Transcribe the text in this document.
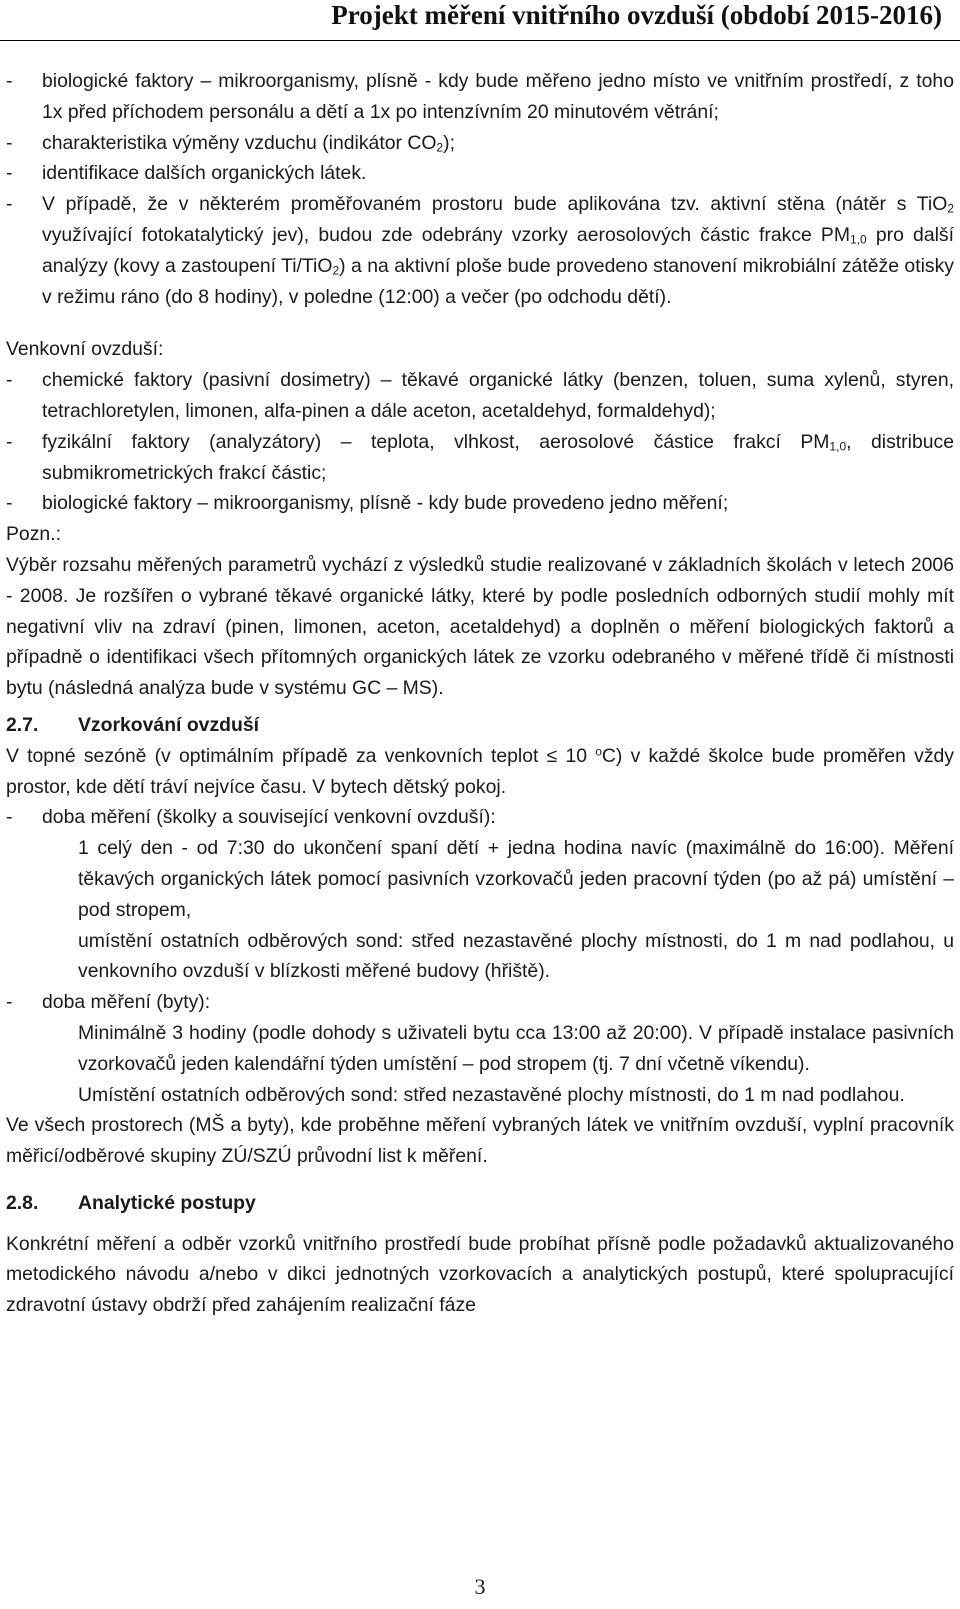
Projekt měření vnitřního ovzduší (období 2015-2016)

- biologické faktory – mikroorganismy, plísně - kdy bude měřeno jedno místo ve vnitřním prostředí, z toho 1x před příchodem personálu a dětí a 1x po intenzívním 20 minutovém větrání;

- charakteristika výměny vzduchu (indikátor $CO_2$);

- identifikace dalších organických látek.

- V případě, že v některém proměřovaném prostoru bude aplikována tzv. aktivní stěna (nátěr s TiO$_2$ využívající fotokatalytický jev), budou zde odebrány vzorky aerosolových částic frakce $PM_{1,0}$ pro další analýzy (kovy a zastoupení Ti/TiO$_2$) a na aktivní ploše bude provedeno stanovení mikrobiální zátěže otisky v režimu ráno (do 8 hodiny), v poledne (12:00) a večer (po odchodu dětí).

Venkovní ovzduší:

- chemické faktory (pasivní dosimetry) – těkavé organické látky (benzen, toluen, suma xylenů, styren, tetrachloretylen, limonen, alfa-pinen a dále aceton, acetaldehyd, formaldehyd);

- fyzikální faktory (analyzátory) – teplota, vlhkost, aerosolové částice frakcí $PM_{1,0}$, distribuce submikrometrických frakcí částic;

- biologické faktory – mikroorganismy, plísně - kdy bude provedeno jedno měření;

Pozn.:

Výběr rozsahu měřených parametrů vychází z výsledků studie realizované v základních školách v letech 2006 - 2008. Je rozšířen o vybrané těkavé organické látky, které by podle posledních odborných studií mohly mít negativní vliv na zdraví (pinen, limonen, aceton, acetaldehyd) a doplněn o měření biologických faktorů a případně o identifikaci všech přítomných organických látek ze vzorku odebraného v měřené třídě či místnosti bytu (následná analýza bude v systému GC – MS).

2.7. Vzorkování ovzduší

V topné sezóně (v optimálním případě za venkovních teplot ≤ 10 $^o$C) v každé školce bude proměřen vždy prostor, kde dětí tráví nejvíce času. V bytech dětský pokoj.

- doba měření (školky a související venkovní ovzduší):

1 celý den - od 7:30 do ukončení spaní dětí + jedna hodina navíc (maximálně do 16:00). Měření těkavých organických látek pomocí pasivních vzorkovačů jeden pracovní týden (po až pá) umístění – pod stropem,

umístění ostatních odběrových sond: střed nezastavěné plochy místnosti, do 1 m nad podlahou, u venkovního ovzduší v blízkosti měřené budovy (hřiště).

- doba měření (byty):

Minimálně 3 hodiny (podle dohody s uživateli bytu cca 13:00 až 20:00). V případě instalace pasivních vzorkovačů jeden kalendářní týden umístění – pod stropem (tj. 7 dní včetně víkendu).

Umístění ostatních odběrových sond: střed nezastavěné plochy místnosti, do 1 m nad podlahou.

Ve všech prostorech (MŠ a byty), kde proběhne měření vybraných látek ve vnitřním ovzduší, vyplní pracovník měřicí/odběrové skupiny ZÚ/SZÚ průvodní list k měření.

2.8. Analytické postupy

Konkrétní měření a odběr vzorků vnitřního prostředí bude probíhat přísně podle požadavků aktualizovaného metodického návodu a/nebo v dikci jednotných vzorkovacích a analytických postupů, které spolupracující zdravotní ústavy obdrží před zahájením realizační fáze

3
